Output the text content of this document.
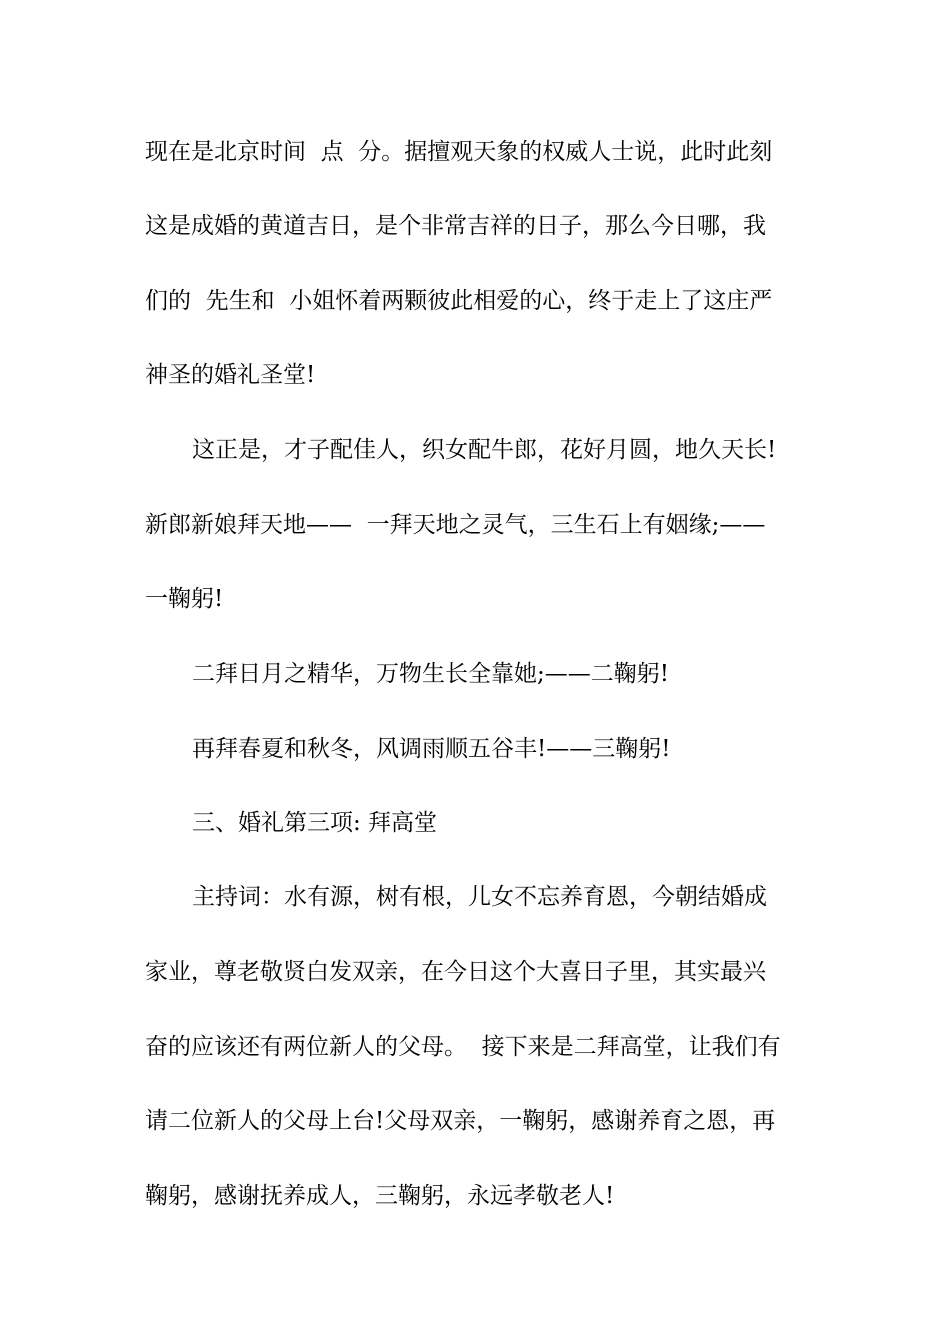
现在是北京时间  点  分。据擅观天象的权威人士说，此时此刻
这是成婚的黄道吉日，是个非常吉祥的日子，那么今日哪，我
们的  先生和  小姐怀着两颗彼此相爱的心，终于走上了这庄严
神圣的婚礼圣堂!
这正是，才子配佳人，织女配牛郎，花好月圆，地久天长!
新郎新娘拜天地——  一拜天地之灵气，三生石上有姻缘;——
一鞠躬!
二拜日月之精华，万物生长全靠她;——二鞠躬!
再拜春夏和秋冬，风调雨顺五谷丰!——三鞠躬!
三、婚礼第三项: 拜高堂
主持词：水有源，树有根，儿女不忘养育恩，今朝结婚成
家业，尊老敬贤白发双亲，在今日这个大喜日子里，其实最兴
奋的应该还有两位新人的父母。  接下来是二拜高堂，让我们有
请二位新人的父母上台!父母双亲，一鞠躬，感谢养育之恩，再
鞠躬，感谢抚养成人，三鞠躬，永远孝敬老人!
